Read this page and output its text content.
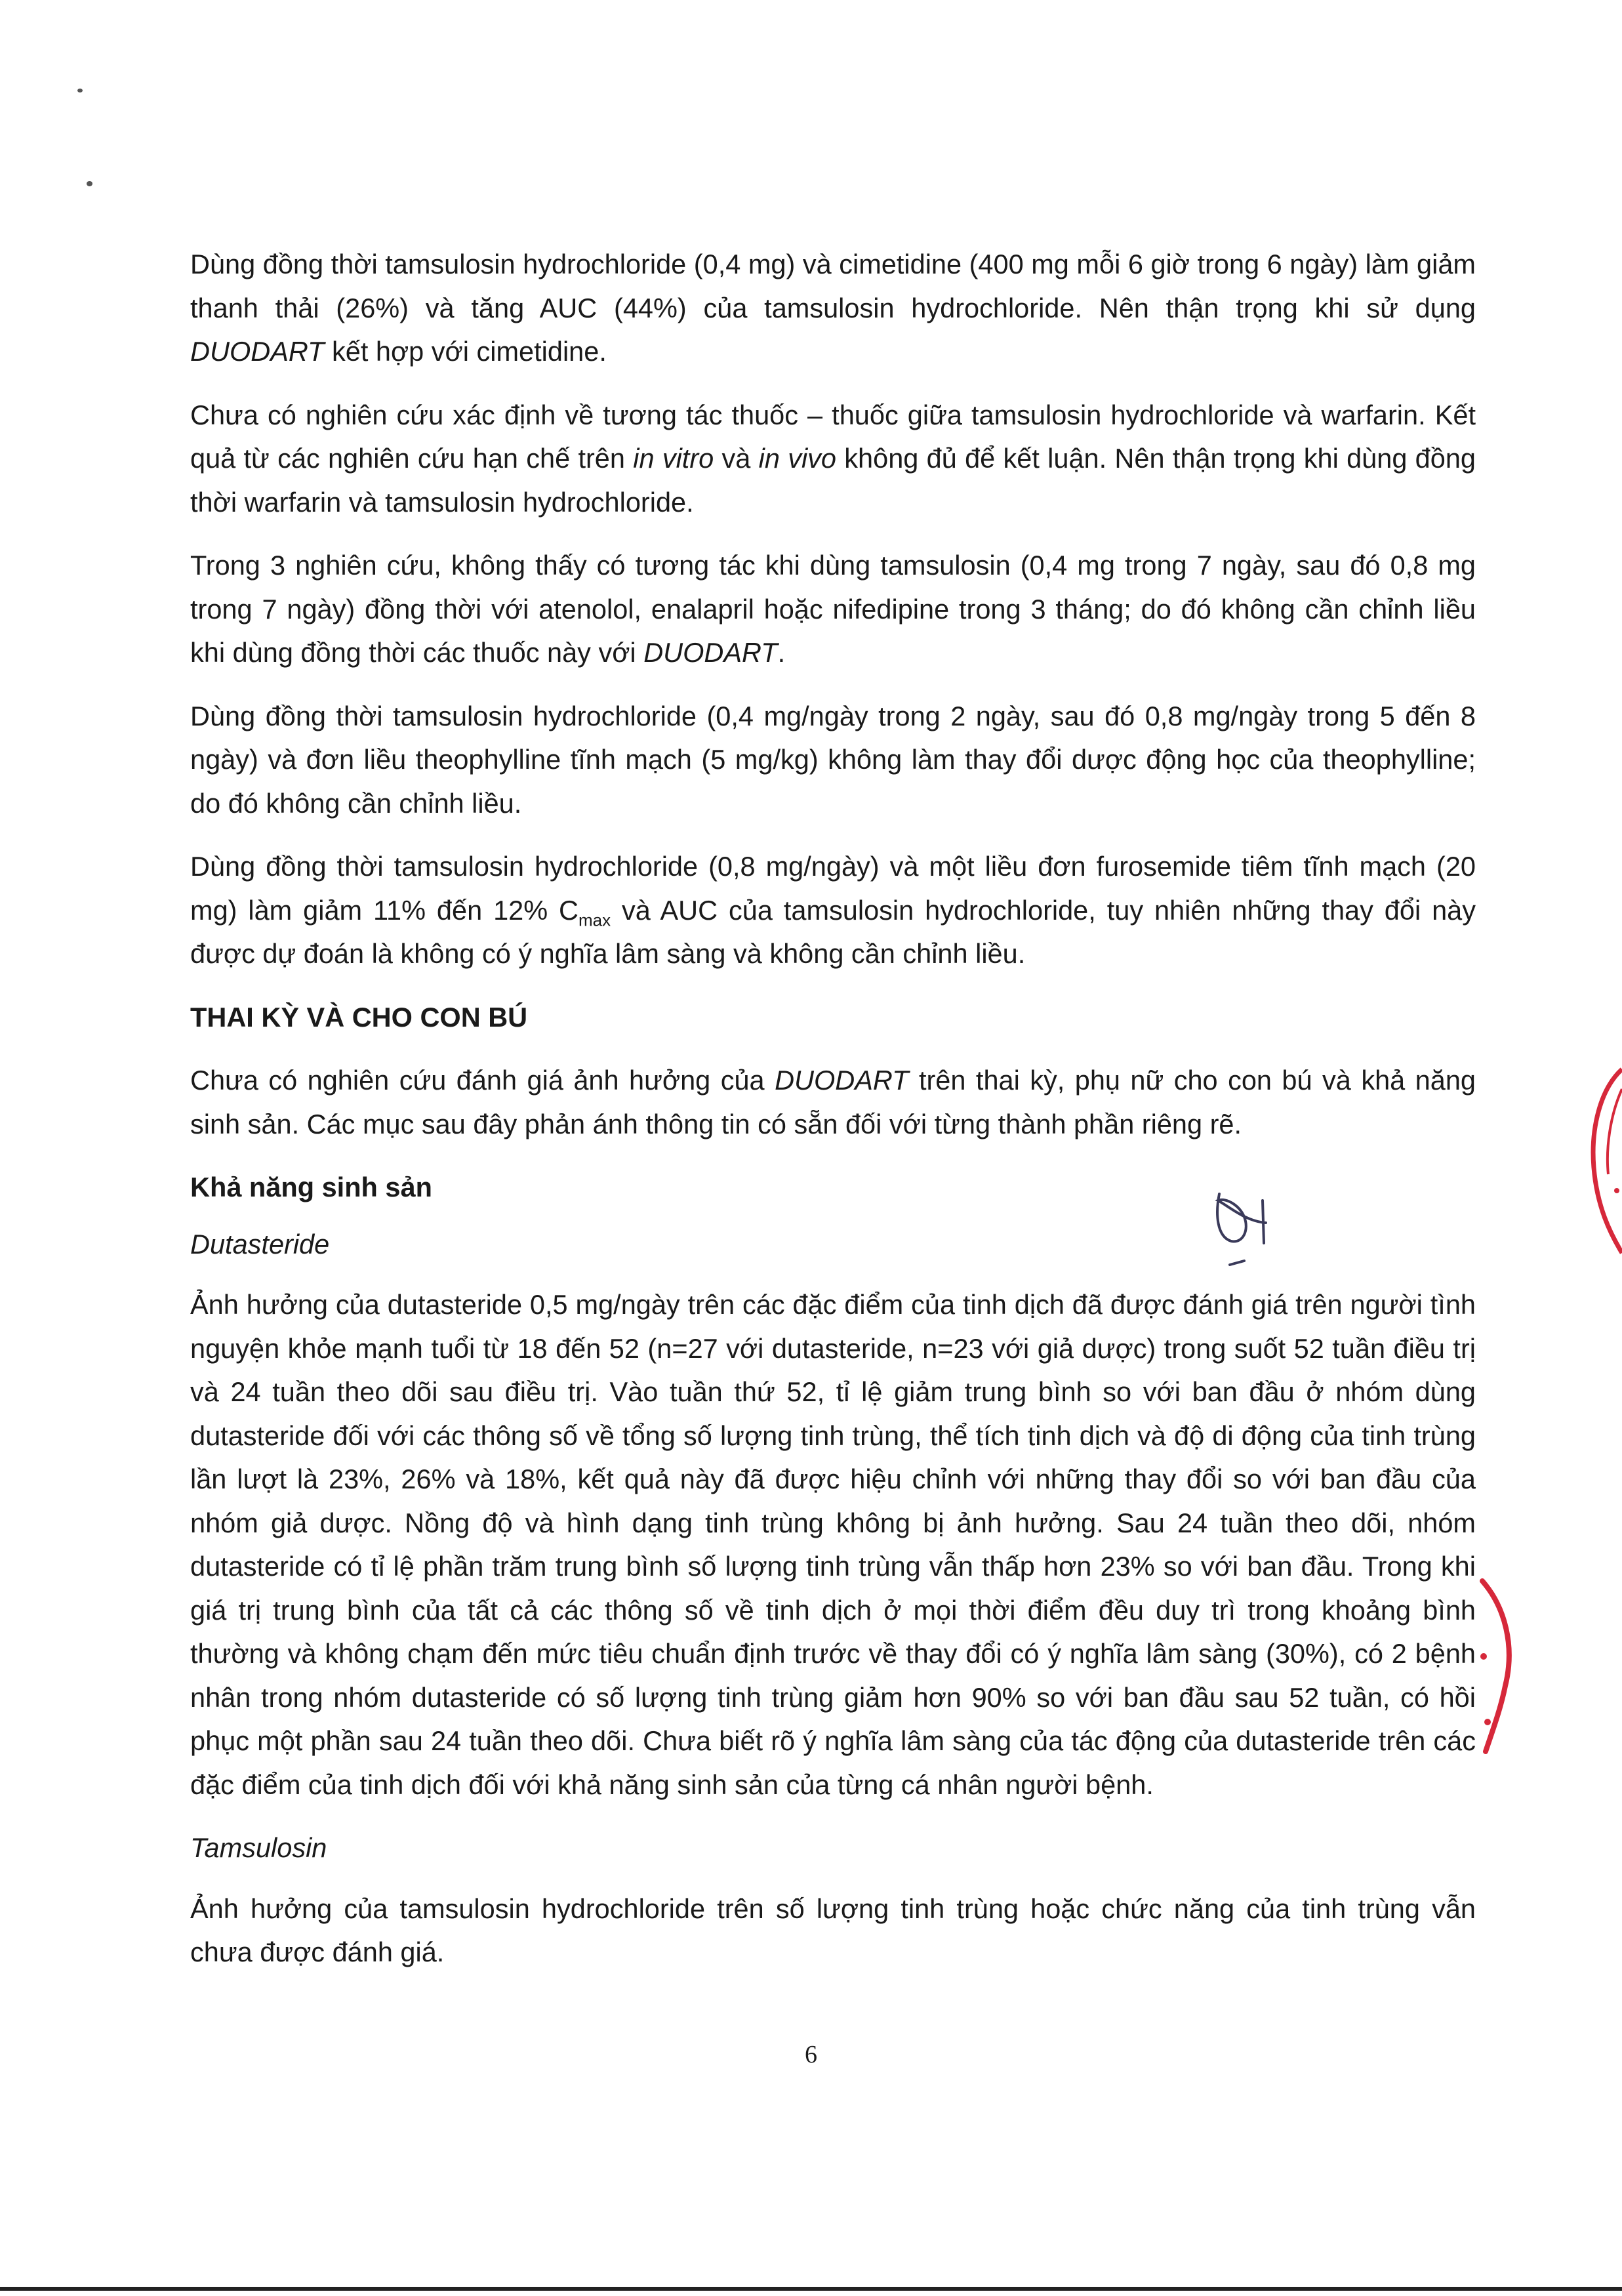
Dùng đồng thời tamsulosin hydrochloride (0,4 mg) và cimetidine (400 mg mỗi 6 giờ trong 6 ngày) làm giảm thanh thải (26%) và tăng AUC (44%) của tamsulosin hydrochloride. Nên thận trọng khi sử dụng DUODART kết hợp với cimetidine.

Chưa có nghiên cứu xác định về tương tác thuốc – thuốc giữa tamsulosin hydrochloride và warfarin. Kết quả từ các nghiên cứu hạn chế trên in vitro và in vivo không đủ để kết luận. Nên thận trọng khi dùng đồng thời warfarin và tamsulosin hydrochloride.

Trong 3 nghiên cứu, không thấy có tương tác khi dùng tamsulosin (0,4 mg trong 7 ngày, sau đó 0,8 mg trong 7 ngày) đồng thời với atenolol, enalapril hoặc nifedipine trong 3 tháng; do đó không cần chỉnh liều khi dùng đồng thời các thuốc này với DUODART.

Dùng đồng thời tamsulosin hydrochloride (0,4 mg/ngày trong 2 ngày, sau đó 0,8 mg/ngày trong 5 đến 8 ngày) và đơn liều theophylline tĩnh mạch (5 mg/kg) không làm thay đổi dược động học của theophylline; do đó không cần chỉnh liều.

Dùng đồng thời tamsulosin hydrochloride (0,8 mg/ngày) và một liều đơn furosemide tiêm tĩnh mạch (20 mg) làm giảm 11% đến 12% $C_{max}$ và AUC của tamsulosin hydrochloride, tuy nhiên những thay đổi này được dự đoán là không có ý nghĩa lâm sàng và không cần chỉnh liều.

THAI KỲ VÀ CHO CON BÚ

Chưa có nghiên cứu đánh giá ảnh hưởng của DUODART trên thai kỳ, phụ nữ cho con bú và khả năng sinh sản. Các mục sau đây phản ánh thông tin có sẵn đối với từng thành phần riêng rẽ.

Khả năng sinh sản
Dutasteride

Ảnh hưởng của dutasteride 0,5 mg/ngày trên các đặc điểm của tinh dịch đã được đánh giá trên người tình nguyện khỏe mạnh tuổi từ 18 đến 52 (n=27 với dutasteride, n=23 với giả dược) trong suốt 52 tuần điều trị và 24 tuần theo dõi sau điều trị. Vào tuần thứ 52, tỉ lệ giảm trung bình so với ban đầu ở nhóm dùng dutasteride đối với các thông số về tổng số lượng tinh trùng, thể tích tinh dịch và độ di động của tinh trùng lần lượt là 23%, 26% và 18%, kết quả này đã được hiệu chỉnh với những thay đổi so với ban đầu của nhóm giả dược. Nồng độ và hình dạng tinh trùng không bị ảnh hưởng. Sau 24 tuần theo dõi, nhóm dutasteride có tỉ lệ phần trăm trung bình số lượng tinh trùng vẫn thấp hơn 23% so với ban đầu. Trong khi giá trị trung bình của tất cả các thông số về tinh dịch ở mọi thời điểm đều duy trì trong khoảng bình thường và không chạm đến mức tiêu chuẩn định trước về thay đổi có ý nghĩa lâm sàng (30%), có 2 bệnh nhân trong nhóm dutasteride có số lượng tinh trùng giảm hơn 90% so với ban đầu sau 52 tuần, có hồi phục một phần sau 24 tuần theo dõi. Chưa biết rõ ý nghĩa lâm sàng của tác động của dutasteride trên các đặc điểm của tinh dịch đối với khả năng sinh sản của từng cá nhân người bệnh.

Tamsulosin

Ảnh hưởng của tamsulosin hydrochloride trên số lượng tinh trùng hoặc chức năng của tinh trùng vẫn chưa được đánh giá.

6
